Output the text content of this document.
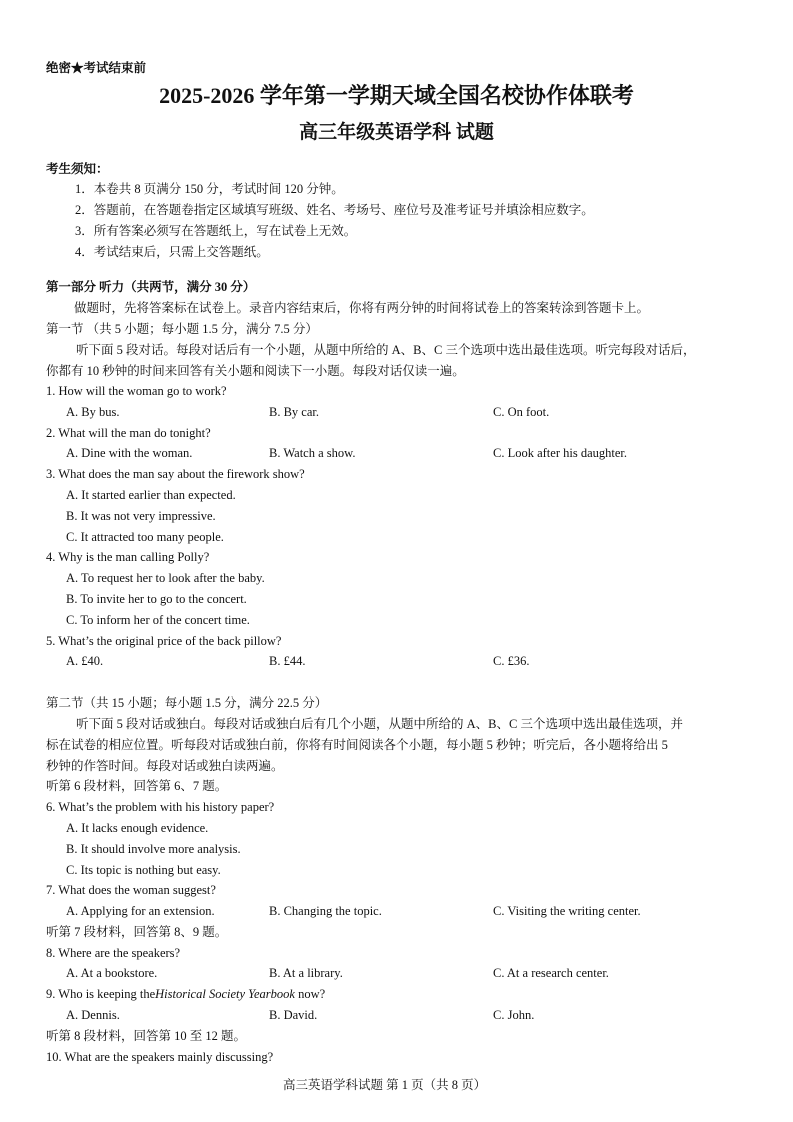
绝密★考试结束前
2025-2026 学年第一学期天域全国名校协作体联考
高三年级英语学科 试题
考生须知：
1．本卷共 8 页满分 150 分，考试时间 120 分钟。
2．答题前，在答题卷指定区域填写班级、姓名、考场号、座位号及准考证号并填涂相应数字。
3．所有答案必须写在答题纸上，写在试卷上无效。
4．考试结束后，只需上交答题纸。
第一部分 听力（共两节，满分 30 分）
做题时，先将答案标在试卷上。录音内容结束后，你将有两分钟的时间将试卷上的答案转涂到答题卡上。
第一节 （共 5 小题；每小题 1.5 分，满分 7.5 分）
听下面 5 段对话。每段对话后有一个小题，从题中所给的 A、B、C 三个选项中选出最佳选项。听完每段对话后，
你都有 10 秒钟的时间来回答有关小题和阅读下一小题。每段对话仅读一遍。
1. How will the woman go to work?
A. By bus.	B. By car.	C. On foot.
2. What will the man do tonight?
A. Dine with the woman.	B. Watch a show.	C. Look after his daughter.
3. What does the man say about the firework show?
A. It started earlier than expected.
B. It was not very impressive.
C. It attracted too many people.
4. Why is the man calling Polly?
A. To request her to look after the baby.
B. To invite her to go to the concert.
C. To inform her of the concert time.
5. What’s the original price of the back pillow?
A. £40.	B. £44.	C. £36.
第二节（共 15 小题；每小题 1.5 分，满分 22.5 分）
听下面 5 段对话或独白。每段对话或独白后有几个小题，从题中所给的 A、B、C 三个选项中选出最佳选项，并
标在试卷的相应位置。听每段对话或独白前，你将有时间阅读各个小题，每小题 5 秒钟；听完后，各小题将给出 5
秒钟的作答时间。每段对话或独白读两遍。
听第 6 段材料，回答第 6、7 题。
6. What’s the problem with his history paper?
A. It lacks enough evidence.
B. It should involve more analysis.
C. Its topic is nothing but easy.
7. What does the woman suggest?
A. Applying for an extension.	B. Changing the topic.	C. Visiting the writing center.
听第 7 段材料，回答第 8、9 题。
8. Where are the speakers?
A. At a bookstore.	B. At a library.	C. At a research center.
9. Who is keeping theHistorical Society Yearbook now?
A. Dennis.	B. David.	C. John.
听第 8 段材料，回答第 10 至 12 题。
10. What are the speakers mainly discussing?
高三英语学科试题 第 1 页（共 8 页）
